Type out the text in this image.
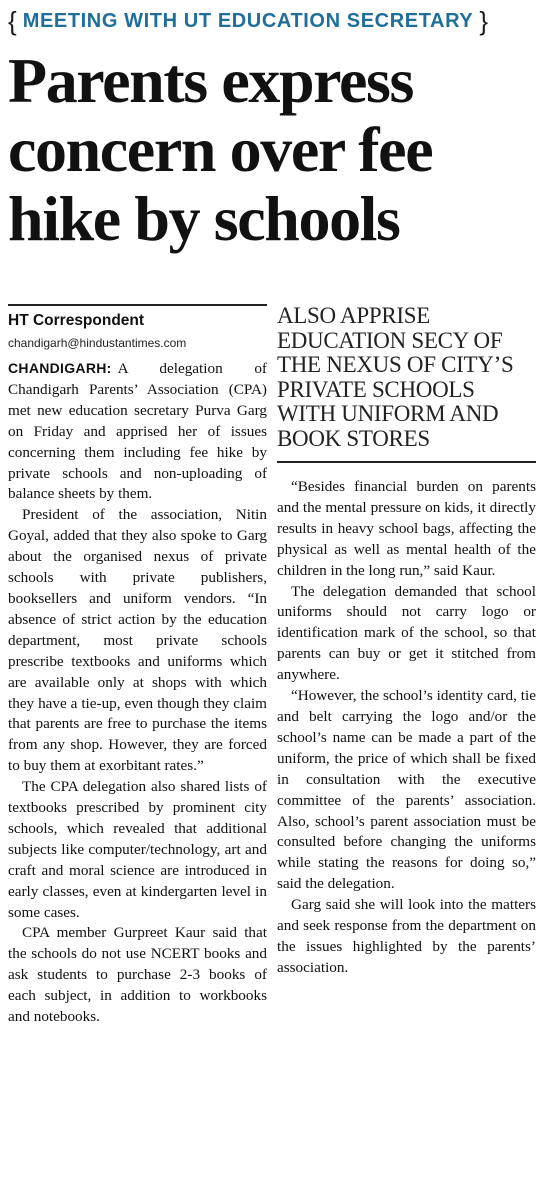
{ MEETING WITH UT EDUCATION SECRETARY }
Parents express
concern over fee
hike by schools
HT Correspondent
chandigarh@hindustantimes.com

CHANDIGARH: A delegation of Chandigarh Parents’ Association (CPA) met new education secretary Purva Garg on Friday and apprised her of issues concerning them including fee hike by private schools and non-uploading of balance sheets by them.

President of the association, Nitin Goyal, added that they also spoke to Garg about the organised nexus of private schools with private publishers, booksellers and uniform vendors. “In absence of strict action by the education department, most private schools prescribe textbooks and uniforms which are available only at shops with which they have a tie-up, even though they claim that parents are free to purchase the items from any shop. However, they are forced to buy them at exorbitant rates.”

The CPA delegation also shared lists of textbooks prescribed by prominent city schools, which revealed that additional subjects like computer/technology, art and craft and moral science are introduced in early classes, even at kindergarten level in some cases.

CPA member Gurpreet Kaur said that the schools do not use NCERT books and ask students to purchase 2-3 books of each subject, in addition to workbooks and notebooks.

ALSO APPRISE EDUCATION SECY OF THE NEXUS OF CITY’S PRIVATE SCHOOLS WITH UNIFORM AND BOOK STORES

“Besides financial burden on parents and the mental pressure on kids, it directly results in heavy school bags, affecting the physical as well as mental health of the children in the long run,” said Kaur.

The delegation demanded that school uniforms should not carry logo or identification mark of the school, so that parents can buy or get it stitched from anywhere.

“However, the school’s identity card, tie and belt carrying the logo and/or the school’s name can be made a part of the uniform, the price of which shall be fixed in consultation with the executive committee of the parents’ association. Also, school’s parent association must be consulted before changing the uniforms while stating the reasons for doing so,” said the delegation.

Garg said she will look into the matters and seek response from the department on the issues highlighted by the parents’ association.
